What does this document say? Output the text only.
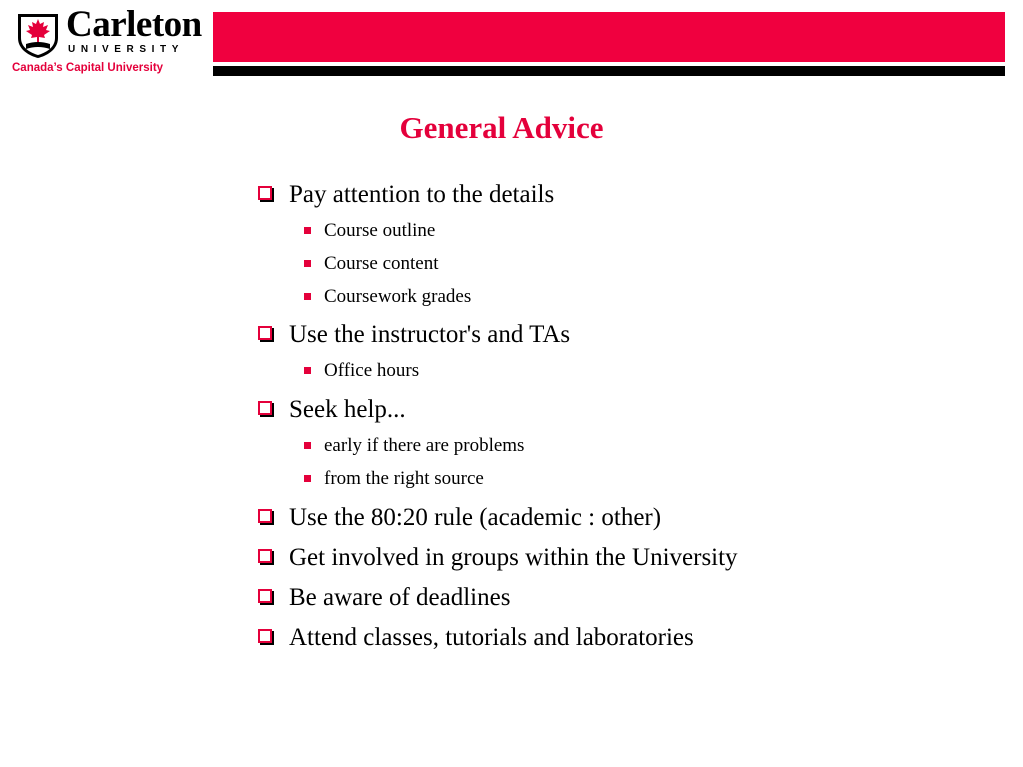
Carleton
UNIVERSITY
Canada’s Capital University
General Advice
Pay attention to the details
Course outline
Course content
Coursework grades
Use the instructor's and TAs
Office hours
Seek help...
early if there are problems
from the right source
Use the 80:20 rule (academic : other)
Get involved in groups within the University
Be aware of deadlines
Attend classes, tutorials and laboratories
